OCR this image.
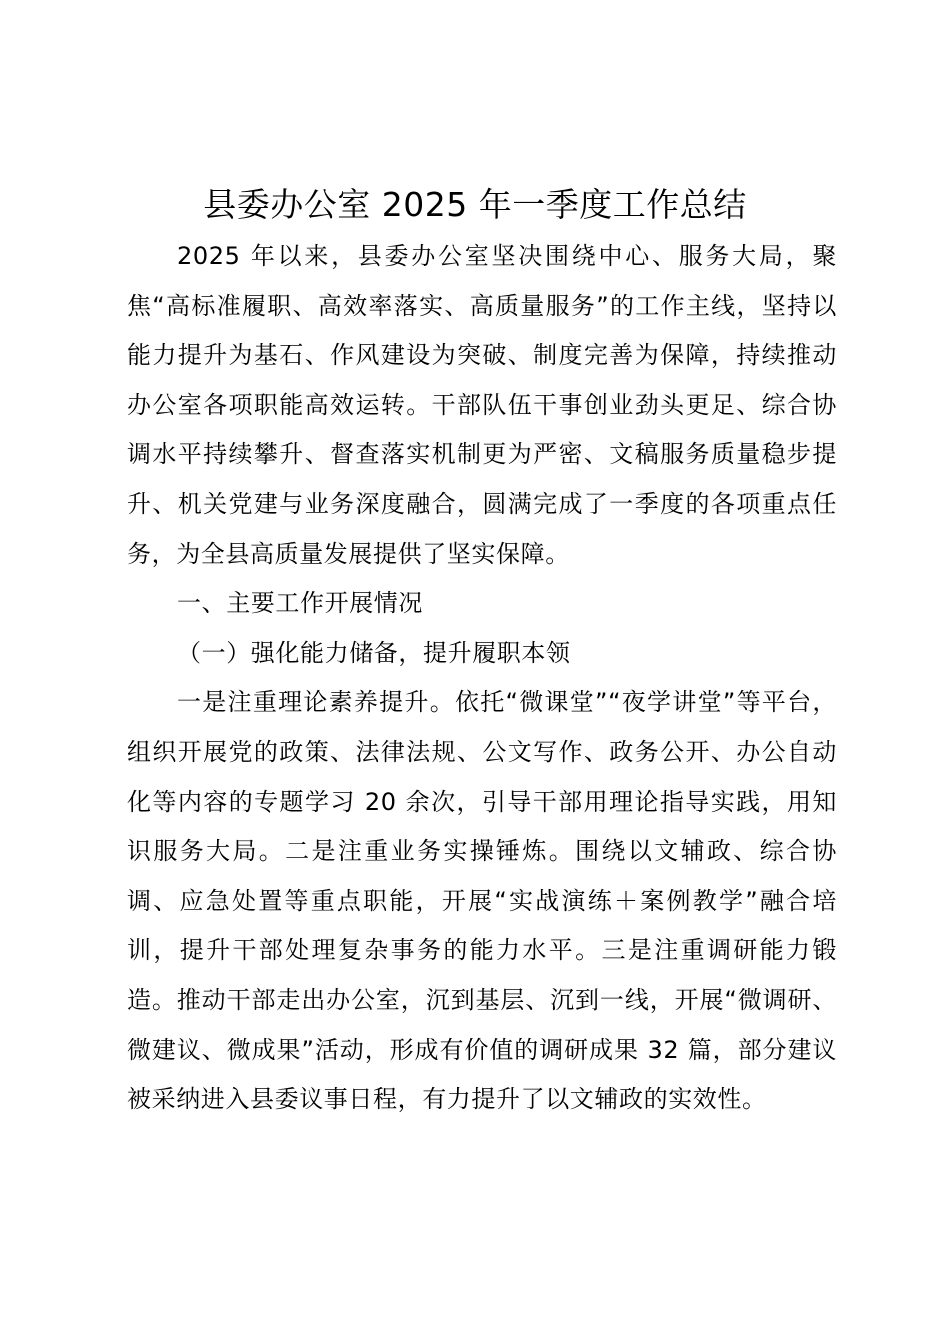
县委办公室 2025 年一季度工作总结

2025 年以来，县委办公室坚决围绕中心、服务大局，聚焦“高标准履职、高效率落实、高质量服务”的工作主线，坚持以能力提升为基石、作风建设为突破、制度完善为保障，持续推动办公室各项职能高效运转。干部队伍干事创业劲头更足、综合协调水平持续攀升、督查落实机制更为严密、文稿服务质量稳步提升、机关党建与业务深度融合，圆满完成了一季度的各项重点任务，为全县高质量发展提供了坚实保障。

一、主要工作开展情况

（一）强化能力储备，提升履职本领

一是注重理论素养提升。依托“微课堂”“夜学讲堂”等平台，组织开展党的政策、法律法规、公文写作、政务公开、办公自动化等内容的专题学习 20 余次，引导干部用理论指导实践，用知识服务大局。二是注重业务实操锤炼。围绕以文辅政、综合协调、应急处置等重点职能，开展“实战演练＋案例教学”融合培训，提升干部处理复杂事务的能力水平。三是注重调研能力锻造。推动干部走出办公室，沉到基层、沉到一线，开展“微调研、微建议、微成果”活动，形成有价值的调研成果 32 篇，部分建议被采纳进入县委议事日程，有力提升了以文辅政的实效性。
